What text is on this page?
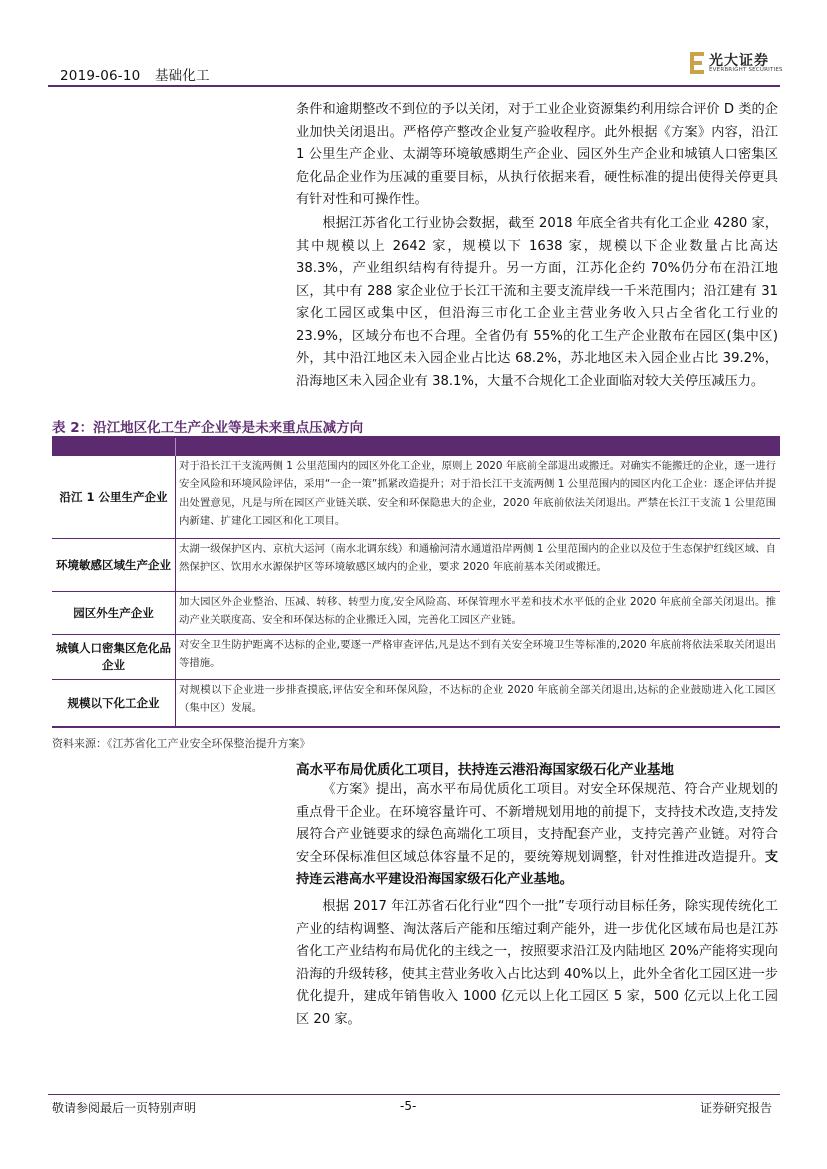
2019-06-10 基础化工
光大证券
EVERBRIGHT SECURITIES

条件和逾期整改不到位的予以关闭，对于工业企业资源集约利用综合评价 D 类的企业加快关闭退出。严格停产整改企业复产验收程序。此外根据《方案》内容，沿江 1 公里生产企业、太湖等环境敏感期生产企业、园区外生产企业和城镇人口密集区危化品企业作为压减的重要目标，从执行依据来看，硬性标准的提出使得关停更具有针对性和可操作性。

根据江苏省化工行业协会数据，截至 2018 年底全省共有化工企业 4280 家，其中规模以上 2642 家，规模以下 1638 家，规模以下企业数量占比高达 38.3%，产业组织结构有待提升。另一方面，江苏化企约 70%仍分布在沿江地区，其中有 288 家企业位于长江干流和主要支流岸线一千米范围内；沿江建有 31 家化工园区或集中区，但沿海三市化工企业主营业务收入只占全省化工行业的 23.9%，区域分布也不合理。全省仍有 55%的化工生产企业散布在园区(集中区)外，其中沿江地区未入园企业占比达 68.2%，苏北地区未入园企业占比 39.2%，沿海地区未入园企业有 38.1%，大量不合规化工企业面临对较大关停压减压力。

表 2：沿江地区化工生产企业等是未来重点压减方向
沿江 1 公里生产企业
对于沿长江干支流两侧 1 公里范围内的园区外化工企业，原则上 2020 年底前全部退出或搬迁。对确实不能搬迁的企业，逐一进行安全风险和环境风险评估，采用“一企一策”抓紧改造提升；对于沿长江干支流两侧 1 公里范围内的园区内化工企业：逐企评估并提出处置意见，凡是与所在园区产业链关联、安全和环保隐患大的企业，2020 年底前依法关闭退出。严禁在长江干支流 1 公里范围内新建、扩建化工园区和化工项目。
环境敏感区域生产企业
太湖一级保护区内、京杭大运河（南水北调东线）和通榆河清水通道沿岸两侧 1 公里范围内的企业以及位于生态保护红线区域、自然保护区、饮用水水源保护区等环境敏感区域内的企业，要求 2020 年底前基本关闭或搬迁。
园区外生产企业
加大园区外企业整治、压减、转移、转型力度,安全风险高、环保管理水平差和技术水平低的企业 2020 年底前全部关闭退出。推动产业关联度高、安全和环保达标的企业搬迁入园，完善化工园区产业链。
城镇人口密集区危化品企业
对安全卫生防护距离不达标的企业,要逐一严格审查评估,凡是达不到有关安全环境卫生等标准的,2020 年底前将依法采取关闭退出等措施。
规模以下化工企业
对规模以下企业进一步排查摸底,评估安全和环保风险，不达标的企业 2020 年底前全部关闭退出,达标的企业鼓励进入化工园区（集中区）发展。
资料来源：《江苏省化工产业安全环保整治提升方案》
高水平布局优质化工项目，扶持连云港沿海国家级石化产业基地

《方案》提出，高水平布局优质化工项目。对安全环保规范、符合产业规划的重点骨干企业。在环境容量许可、不新增规划用地的前提下，支持技术改造,支持发展符合产业链要求的绿色高端化工项目，支持配套产业，支持完善产业链。对符合安全环保标准但区域总体容量不足的，要统筹规划调整，针对性推进改造提升。支持连云港高水平建设沿海国家级石化产业基地。

根据 2017 年江苏省石化行业“四个一批”专项行动目标任务，除实现传统化工产业的结构调整、淘汰落后产能和压缩过剩产能外，进一步优化区域布局也是江苏省化工产业结构布局优化的主线之一，按照要求沿江及内陆地区 20%产能将实现向沿海的升级转移，使其主营业务收入占比达到 40%以上，此外全省化工园区进一步优化提升，建成年销售收入 1000 亿元以上化工园区 5 家，500 亿元以上化工园区 20 家。

敬请参阅最后一页特别声明	-5-	证券研究报告
